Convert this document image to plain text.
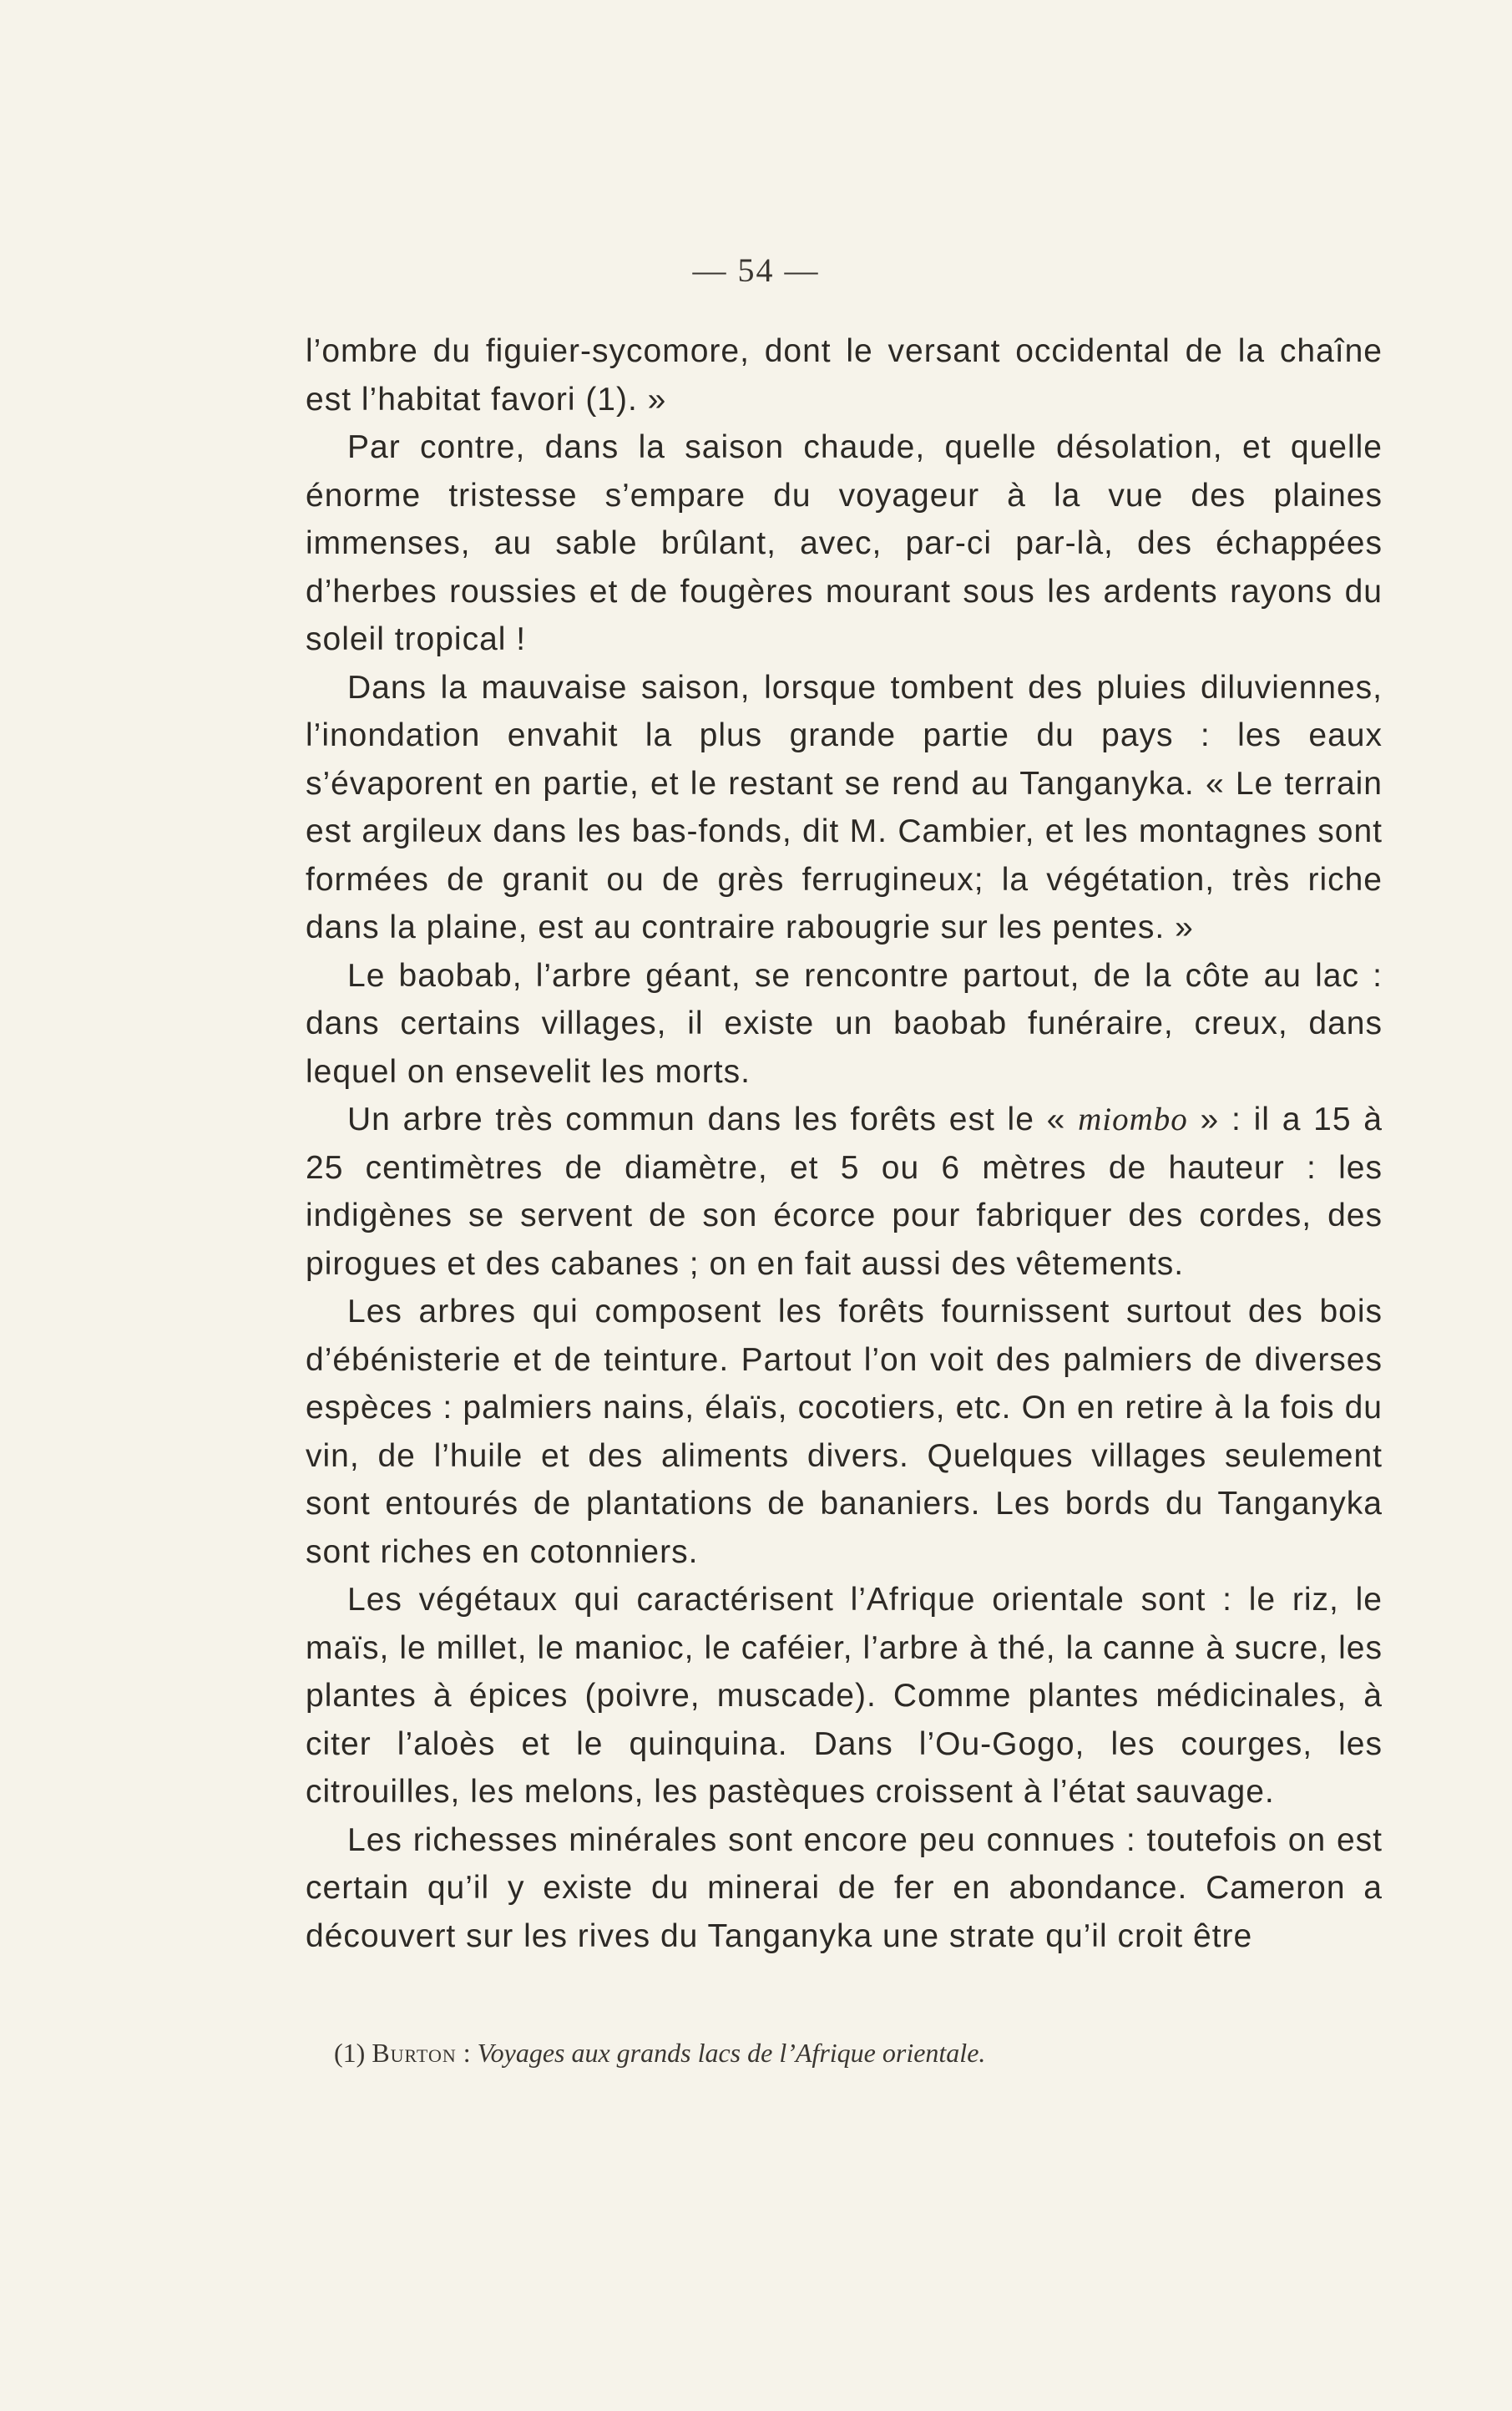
— 54 —

l’ombre du figuier-sycomore, dont le versant occidental de la chaîne est l’habitat favori (1). »

Par contre, dans la saison chaude, quelle désolation, et quelle énorme tristesse s’empare du voyageur à la vue des plaines immenses, au sable brûlant, avec, par-ci par-là, des échappées d’herbes roussies et de fougères mourant sous les ardents rayons du soleil tropical !

Dans la mauvaise saison, lorsque tombent des pluies diluviennes, l’inondation envahit la plus grande partie du pays : les eaux s’évaporent en partie, et le restant se rend au Tanganyka. « Le terrain est argileux dans les bas-fonds, dit M. Cambier, et les montagnes sont formées de granit ou de grès ferrugineux; la végétation, très riche dans la plaine, est au contraire rabougrie sur les pentes. »

Le baobab, l’arbre géant, se rencontre partout, de la côte au lac : dans certains villages, il existe un baobab funéraire, creux, dans lequel on ensevelit les morts.

Un arbre très commun dans les forêts est le « miombo » : il a 15 à 25 centimètres de diamètre, et 5 ou 6 mètres de hauteur : les indigènes se servent de son écorce pour fabriquer des cordes, des pirogues et des cabanes ; on en fait aussi des vêtements.

Les arbres qui composent les forêts fournissent surtout des bois d’ébénisterie et de teinture. Partout l’on voit des palmiers de diverses espèces : palmiers nains, élaïs, cocotiers, etc. On en retire à la fois du vin, de l’huile et des aliments divers. Quelques villages seulement sont entourés de plantations de bananiers. Les bords du Tanganyka sont riches en cotonniers.

Les végétaux qui caractérisent l’Afrique orientale sont : le riz, le maïs, le millet, le manioc, le caféier, l’arbre à thé, la canne à sucre, les plantes à épices (poivre, muscade). Comme plantes médicinales, à citer l’aloès et le quinquina. Dans l’Ou-Gogo, les courges, les citrouilles, les melons, les pastèques croissent à l’état sauvage.

Les richesses minérales sont encore peu connues : toutefois on est certain qu’il y existe du minerai de fer en abondance. Cameron a découvert sur les rives du Tanganyka une strate qu’il croit être

(1) Burton : Voyages aux grands lacs de l’Afrique orientale.
